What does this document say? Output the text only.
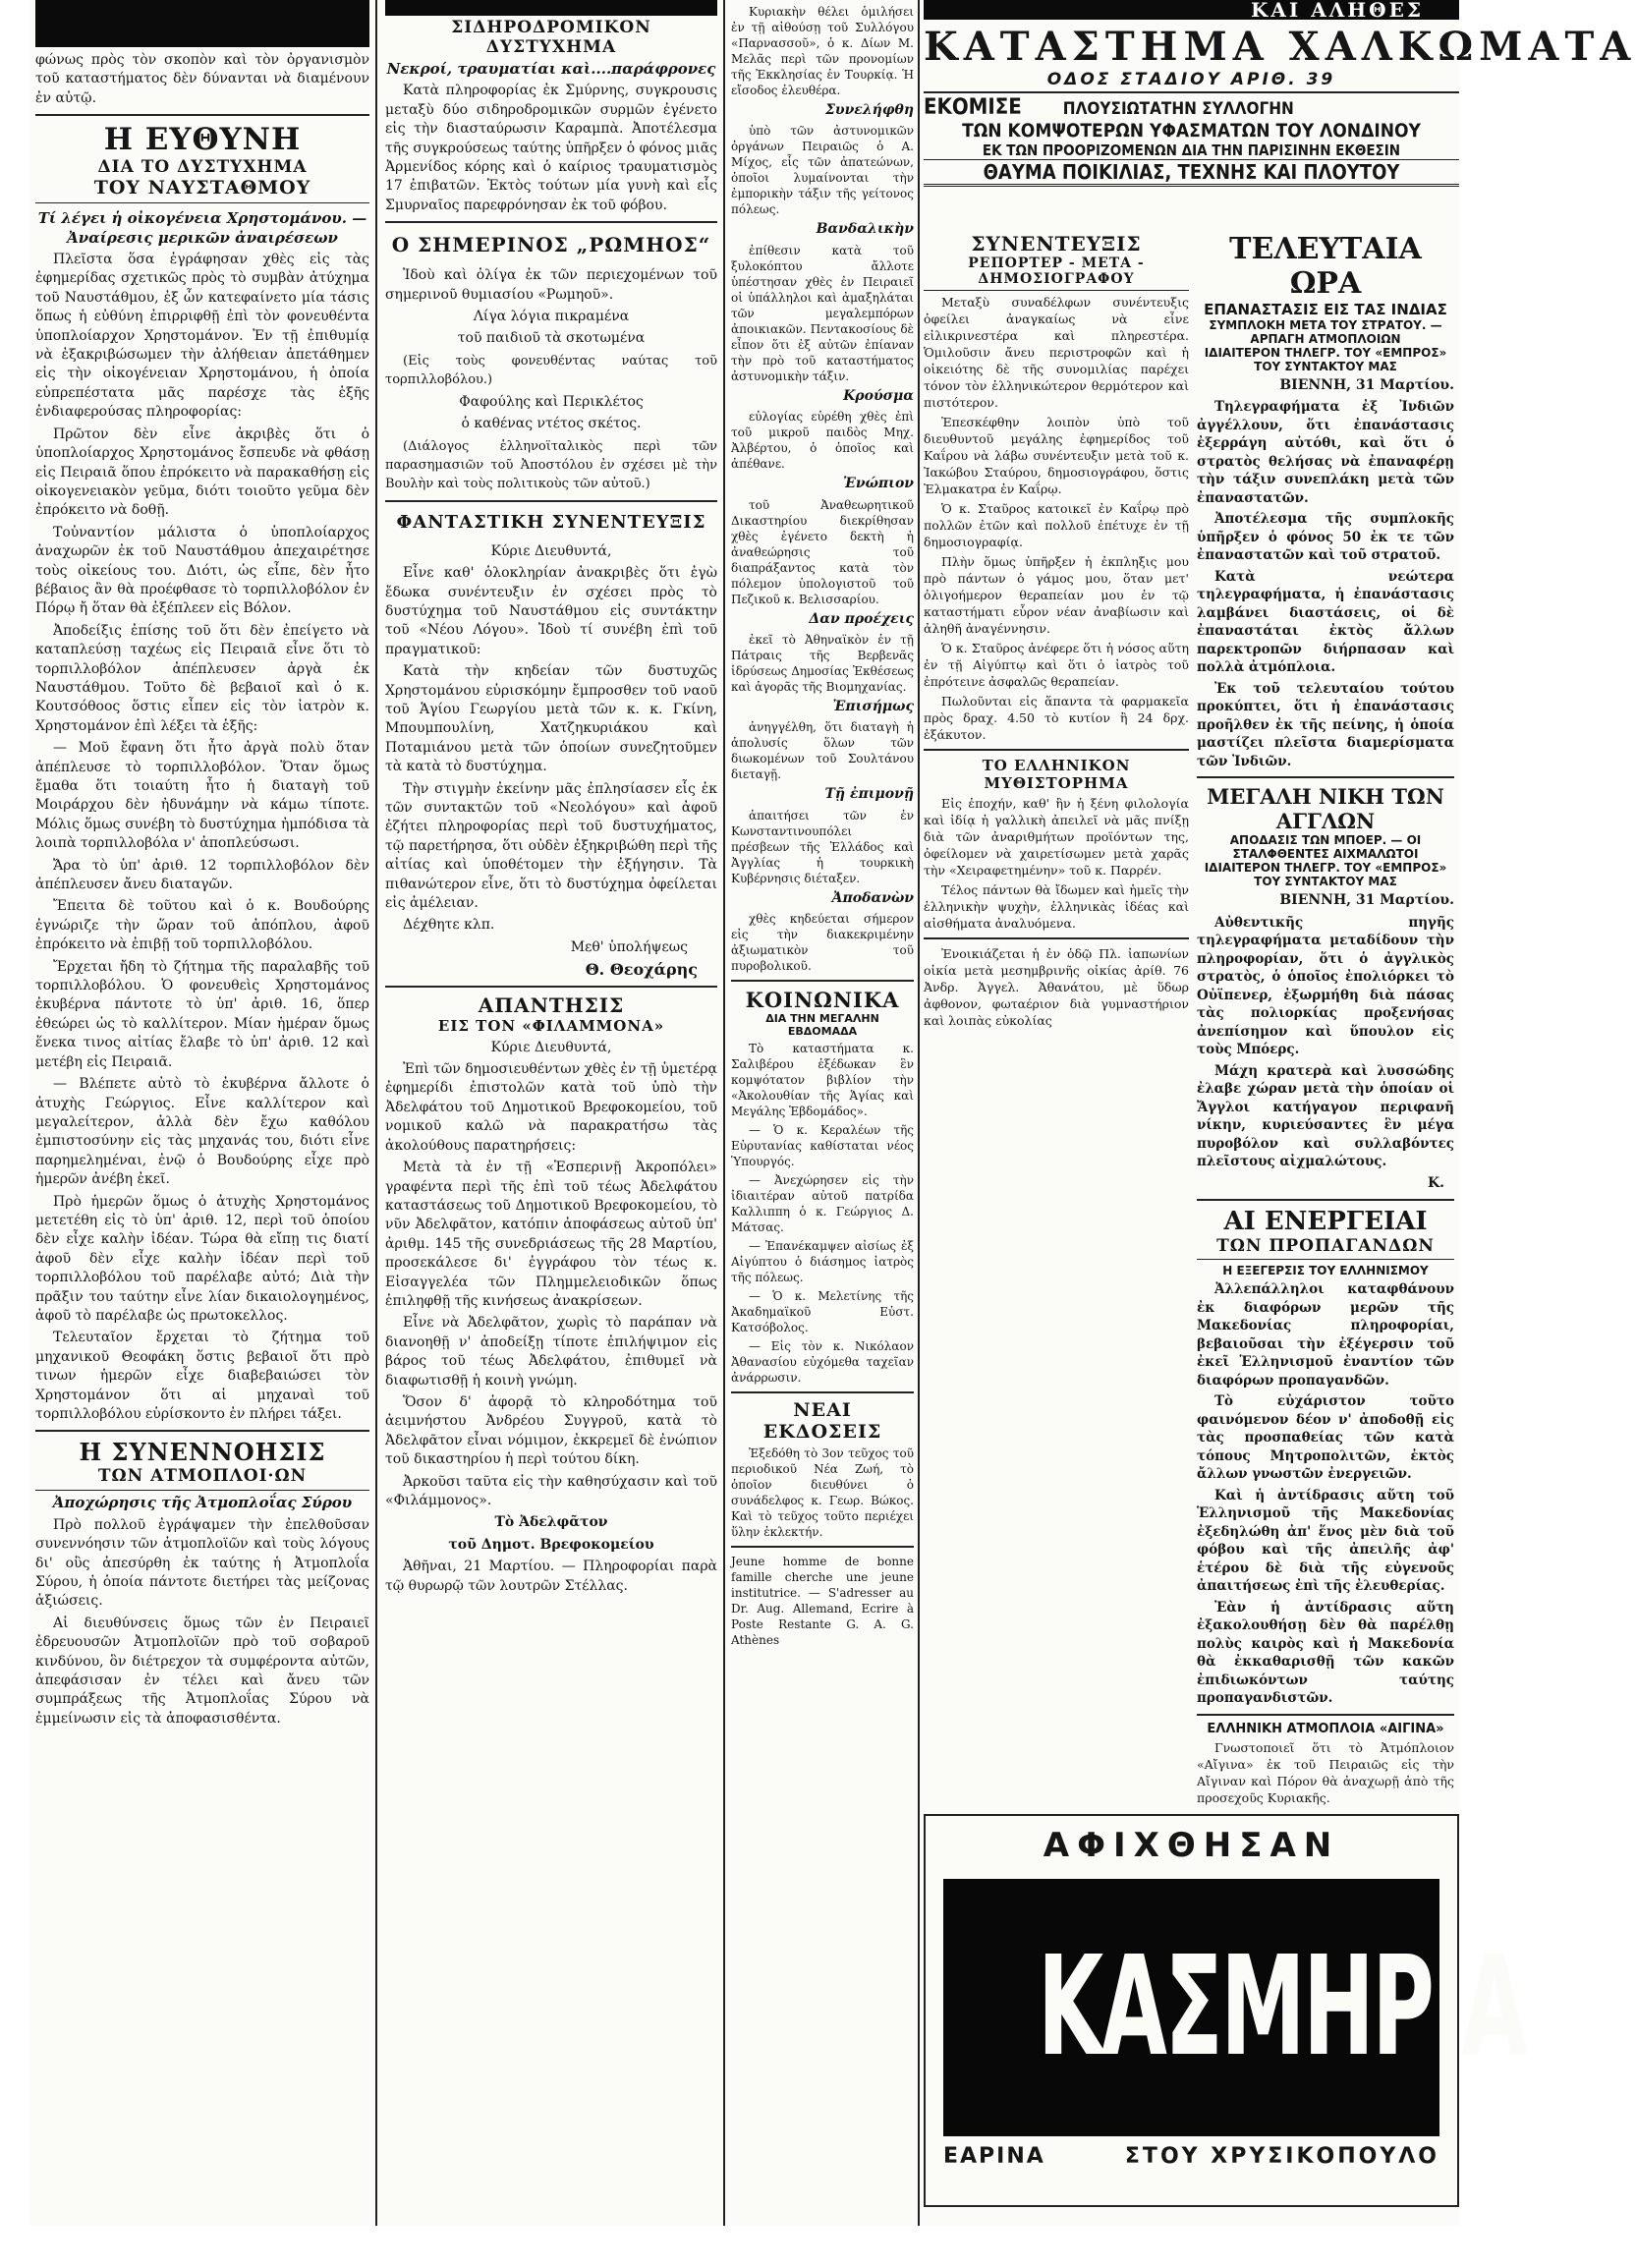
φώνως πρὸς τὸν σκοπὸν καὶ τὸν ὀργανισμὸν τοῦ καταστήματος δὲν δύνανται νὰ διαμένουν ἐν αὐτῷ.
Η ΕΥΘΥΝΗ
ΔΙΑ ΤΟ ΔΥΣΤΥΧΗΜΑ
ΤΟΥ ΝΑΥΣΤΑΘΜΟΥ
Τί λέγει ἡ οἰκογένεια Χρηστομάνου. — Ἀναίρεσις μερικῶν ἀναιρέσεων
Πλεῖστα ὅσα ἐγράφησαν χθὲς εἰς τὰς ἐφημερίδας σχετικῶς πρὸς τὸ συμβὰν ἀτύχημα τοῦ Ναυστάθμου, ἐξ ὧν κατεφαίνετο μία τάσις ὅπως ἡ εὐθύνη ἐπιρριφθῇ ἐπὶ τὸν φονευθέντα ὑποπλοίαρχον Χρηστομάνον. Ἐν τῇ ἐπιθυμίᾳ νὰ ἐξακριβώσωμεν τὴν ἀλήθειαν ἀπετάθημεν εἰς τὴν οἰκογένειαν Χρηστομάνου, ἡ ὁποία εὐπρεπέστατα μᾶς παρέσχε τὰς ἑξῆς ἐνδιαφερούσας πληροφορίας:
Πρῶτον δὲν εἶνε ἀκριβὲς ὅτι ὁ ὑποπλοίαρχος Χρηστομάνος ἔσπευδε νὰ φθάσῃ εἰς Πειραιᾶ ὅπου ἐπρόκειτο νὰ παρακαθήσῃ εἰς οἰκογενειακὸν γεῦμα, διότι τοιοῦτο γεῦμα δὲν ἐπρόκειτο νὰ δοθῇ.
Τοὐναντίον μάλιστα ὁ ὑποπλοίαρχος ἀναχωρῶν ἐκ τοῦ Ναυστάθμου ἀπεχαιρέτησε τοὺς οἰκείους του. Διότι, ὡς εἶπε, δὲν ἦτο βέβαιος ἂν θὰ προέφθασε τὸ τορπιλλοβόλον ἐν Πόρῳ ἤ ὅταν θὰ ἐξέπλεεν εἰς Βόλον.
Ἀποδείξις ἐπίσης τοῦ ὅτι δὲν ἐπείγετο νὰ καταπλεύσῃ ταχέως εἰς Πειραιᾶ εἶνε ὅτι τὸ τορπιλλοβόλον ἀπέπλευσεν ἀργὰ ἐκ Ναυστάθμου. Τοῦτο δὲ βεβαιοῖ καὶ ὁ κ. Κουτσόθοος ὅστις εἶπεν εἰς τὸν ἰατρὸν κ. Χρηστομάνον ἐπὶ λέξει τὰ ἑξῆς:
— Μοῦ ἔφανη ὅτι ἦτο ἀργὰ πολὺ ὅταν ἀπέπλευσε τὸ τορπιλλοβόλον. Ὅταν ὅμως ἔμαθα ὅτι τοιαύτη ἦτο ἡ διαταγὴ τοῦ Μοιράρχου δὲν ἠδυνάμην νὰ κάμω τίποτε. Μόλις ὅμως συνέβη τὸ δυστύχημα ἠμπόδισα τὰ λοιπὰ τορπιλλοβόλα ν' ἀποπλεύσωσι.
Ἄρα τὸ ὑπ' ἀριθ. 12 τορπιλλοβόλον δὲν ἀπέπλευσεν ἄνευ διαταγῶν.
Ἔπειτα δὲ τοῦτου καὶ ὁ κ. Βουδούρης ἐγνώριζε τὴν ὥραν τοῦ ἀπόπλου, ἀφοῦ ἐπρόκειτο νὰ ἐπιβῇ τοῦ τορπιλλοβόλου.
Ἔρχεται ἤδη τὸ ζήτημα τῆς παραλαβῆς τοῦ τορπιλλοβόλου. Ὁ φονευθεὶς Χρηστομάνος ἐκυβέρνα πάντοτε τὸ ὑπ' ἀριθ. 16, ὅπερ ἐθεώρει ὡς τὸ καλλίτερον. Μίαν ἡμέραν ὅμως ἕνεκα τινος αἰτίας ἔλαβε τὸ ὑπ' ἀριθ. 12 καὶ μετέβη εἰς Πειραιᾶ.
— Βλέπετε αὐτὸ τὸ ἐκυβέρνα ἄλλοτε ὁ ἀτυχὴς Γεώργιος. Εἶνε καλλίτερον καὶ μεγαλείτερον, ἀλλὰ δὲν ἔχω καθόλου ἐμπιστοσύνην εἰς τὰς μηχανάς του, διότι εἶνε παρημελημέναι, ἐνῷ ὁ Βουδούρης εἶχε πρὸ ἡμερῶν ἀνέβη ἐκεῖ.
Πρὸ ἡμερῶν ὅμως ὁ ἀτυχὴς Χρηστομάνος μετετέθη εἰς τὸ ὑπ' ἀριθ. 12, περὶ τοῦ ὁποίου δὲν εἶχε καλὴν ἰδέαν. Τώρα θὰ εἴπῃ τις διατί ἀφοῦ δὲν εἶχε καλὴν ἰδέαν περὶ τοῦ τορπιλλοβόλου τοῦ παρέλαβε αὐτό; Διὰ τὴν πρᾶξιν του ταύτην εἶνε λίαν δικαιολογημένος, ἀφοῦ τὸ παρέλαβε ὡς πρωτοκελλος.
Τελευταῖον ἔρχεται τὸ ζήτημα τοῦ μηχανικοῦ Θεοφάκη ὅστις βεβαιοῖ ὅτι πρὸ τινων ἡμερῶν εἶχε διαβεβαιώσει τὸν Χρηστομάνον ὅτι αἱ μηχαναὶ τοῦ τορπιλλοβόλου εὑρίσκοντο ἐν πλήρει τάξει.
Η ΣΥΝΕΝΝΟΗΣΙΣ
ΤΩΝ ΑΤΜΟΠΛΟΙ·ΩΝ
Ἀποχώρησις τῆς Ἀτμοπλοΐας Σύρου
Πρὸ πολλοῦ ἐγράψαμεν τὴν ἐπελθοῦσαν συνεννόησιν τῶν ἀτμοπλοϊῶν καὶ τοὺς λόγους δι' οὓς ἀπεσύρθη ἐκ ταύτης ἡ Ἀτμοπλοΐα Σύρου, ἡ ὁποία πάντοτε διετήρει τὰς μείζονας ἀξιώσεις.
Αἱ διευθύνσεις ὅμως τῶν ἐν Πειραιεῖ ἐδρευουσῶν Ἀτμοπλοϊῶν πρὸ τοῦ σοβαροῦ κινδύνου, ὃν διέτρεχον τὰ συμφέροντα αὐτῶν, ἀπεφάσισαν ἐν τέλει καὶ ἄνευ τῶν συμπράξεως τῆς Ἀτμοπλοΐας Σύρου νὰ ἐμμείνωσιν εἰς τὰ ἀποφασισθέντα.
ΣΙΔΗΡΟΔΡΟΜΙΚΟΝ ΔΥΣΤΥΧΗΜΑ
Νεκροί, τραυματίαι καὶ....παράφρονες
Κατὰ πληροφορίας ἐκ Σμύρνης, συγκρουσις μεταξὺ δύο σιδηροδρομικῶν συρμῶν ἐγένετο εἰς τὴν διασταύρωσιν Καραμπὰ. Ἀποτέλεσμα τῆς συγκρούσεως ταύτης ὑπῆρξεν ὁ φόνος μιᾶς Ἀρμενίδος κόρης καὶ ὁ καίριος τραυματισμὸς 17 ἐπιβατῶν. Ἐκτὸς τούτων μία γυνὴ καὶ εἷς Σμυρναῖος παρεφρόνησαν ἐκ τοῦ φόβου.
Ο ΣΗΜΕΡΙΝΟΣ „ΡΩΜΗΟΣ“
Ἰδοὺ καὶ ὀλίγα ἐκ τῶν περιεχομένων τοῦ σημερινοῦ θυμιασίου «Ρωμηοῦ».
Λίγα λόγια πικραμένα
τοῦ παιδιοῦ τὰ σκοτωμένα
(Εἰς τοὺς φονευθέντας ναύτας τοῦ τορπιλλοβόλου.)
Φαφούλης καὶ Περικλέτος
ὁ καθένας ντέτος σκέτος.
(Διάλογος ἑλληνοϊταλικὸς περὶ τῶν παρασημασιῶν τοῦ Ἀποστόλου ἐν σχέσει μὲ τὴν Βουλὴν καὶ τοὺς πολιτικοὺς τῶν αὐτοῦ.)
ΦΑΝΤΑΣΤΙΚΗ ΣΥΝΕΝΤΕΥΞΙΣ
Κύριε Διευθυντά,
Εἶνε καθ' ὁλοκληρίαν ἀνακριβὲς ὅτι ἐγὼ ἔδωκα συνέντευξιν ἐν σχέσει πρὸς τὸ δυστύχημα τοῦ Ναυστάθμου εἰς συντάκτην τοῦ «Νέου Λόγου». Ἰδοὺ τί συνέβη ἐπὶ τοῦ πραγματικοῦ:
Κατὰ τὴν κηδείαν τῶν δυστυχῶς Χρηστομάνου εὑρισκόμην ἔμπροσθεν τοῦ ναοῦ τοῦ Ἁγίου Γεωργίου μετὰ τῶν κ. κ. Γκίνη, Μπουμπουλίνη, Χατζηκυριάκου καὶ Ποταμιάνου μετὰ τῶν ὁποίων συνεζητοῦμεν τὰ κατὰ τὸ δυστύχημα.
Τὴν στιγμὴν ἐκείνην μᾶς ἐπλησίασεν εἷς ἐκ τῶν συντακτῶν τοῦ «Νεολόγου» καὶ ἀφοῦ ἐζήτει πληροφορίας περὶ τοῦ δυστυχήματος, τῷ παρετήρησα, ὅτι οὐδὲν ἐξηκριβώθη περὶ τῆς αἰτίας καὶ ὑποθέτομεν τὴν ἐξήγησιν. Τὰ πιθανώτερον εἶνε, ὅτι τὸ δυστύχημα ὀφείλεται εἰς ἀμέλειαν.
Δέχθητε κλπ.
Μεθ' ὑπολήψεως
Θ. Θεοχάρης
ΑΠΑΝΤΗΣΙΣ
ΕΙΣ ΤΟΝ «ΦΙΛΑΜΜΟΝΑ»
Κύριε Διευθυντά,
Ἐπὶ τῶν δημοσιευθέντων χθὲς ἐν τῇ ὑμετέρᾳ ἐφημερίδι ἐπιστολῶν κατὰ τοῦ ὑπὸ τὴν Ἀδελφάτου τοῦ Δημοτικοῦ Βρεφοκομείου, τοῦ νομικοῦ καλῶ νὰ παρακρατήσω τὰς ἀκολούθους παρατηρήσεις:
Μετὰ τὰ ἐν τῇ «Ἑσπερινῇ Ἀκροπόλει» γραφέντα περὶ τῆς ἐπὶ τοῦ τέως Ἀδελφάτου καταστάσεως τοῦ Δημοτικοῦ Βρεφοκομείου, τὸ νῦν Ἀδελφᾶτον, κατόπιν ἀποφάσεως αὐτοῦ ὑπ' ἀριθμ. 145 τῆς συνεδριάσεως τῆς 28 Μαρτίου, προσεκάλεσε δι' ἐγγράφου τὸν τέως κ. Εἰσαγγελέα τῶν Πλημμελειοδικῶν ὅπως ἐπιληφθῇ τῆς κινήσεως ἀνακρίσεων.
Εἶνε νὰ Ἀδελφᾶτον, χωρὶς τὸ παράπαν νὰ διανοηθῇ ν' ἀποδείξῃ τίποτε ἐπιλήψιμον εἰς βάρος τοῦ τέως Ἀδελφάτου, ἐπιθυμεῖ νὰ διαφωτισθῇ ἡ κοινὴ γνώμη.
Ὅσον δ' ἀφορᾷ τὸ κληροδότημα τοῦ ἀειμνήστου Ἀνδρέου Συγγροῦ, κατὰ τὸ Ἀδελφᾶτον εἶναι νόμιμον, ἐκκρεμεῖ δὲ ἐνώπιον τοῦ δικαστηρίου ἡ περὶ τούτου δίκη.
Ἀρκοῦσι ταῦτα εἰς τὴν καθησύχασιν καὶ τοῦ «Φιλάμμονος».
Τὸ Ἀδελφᾶτον
τοῦ Δημοτ. Βρεφοκομείου
Ἀθῆναι, 21 Μαρτίου. — Πληροφορίαι παρὰ τῷ θυρωρῷ τῶν λουτρῶν Στέλλας.
Κυριακὴν θέλει ὁμιλήσει ἐν τῇ αἰθούσῃ τοῦ Συλλόγου «Παρνασσοῦ», ὁ κ. Δίων Μ. Μελᾶς περὶ τῶν προνομίων τῆς Ἐκκλησίας ἐν Τουρκίᾳ. Ἡ εἴσοδος ἐλευθέρα.
Συνελήφθη
ὑπὸ τῶν ἀστυνομικῶν ὀργάνων Πειραιῶς ὁ Α. Μίχος, εἷς τῶν ἀπατεώνων, ὁποῖοι λυμαίνονται τὴν ἐμπορικὴν τάξιν τῆς γείτονος πόλεως.
Βανδαλικὴν
ἐπίθεσιν κατὰ τοῦ ξυλοκόπτου ἄλλοτε ὑπέστησαν χθὲς ἐν Πειραιεῖ οἱ ὑπάλληλοι καὶ ἀμαξηλάται τῶν μεγαλεμπόρων ἀποικιακῶν. Πεντακοσίους δὲ εἶπον ὅτι ἐξ αὐτῶν ἐπίαναν τὴν πρὸ τοῦ καταστήματος ἀστυνομικὴν τάξιν.
Κρούσμα
εὐλογίας εὑρέθη χθὲς ἐπὶ τοῦ μικροῦ παιδὸς Μηχ. Ἀλβέρτου, ὁ ὁποῖος καὶ ἀπέθανε.
Ἐνώπιον
τοῦ Ἀναθεωρητικοῦ Δικαστηρίου διεκρίθησαν χθὲς ἐγένετο δεκτὴ ἡ ἀναθεώρησις τοῦ διαπράξαντος κατὰ τὸν πόλεμον ὑπολογιστοῦ τοῦ Πεζικοῦ κ. Βελισσαρίου.
Δαν προέχεις
ἐκεῖ τὸ Ἀθηναϊκὸν ἐν τῇ Πάτραις τῆς Βερβενᾶς ἱδρύσεως Δημοσίας Ἐκθέσεως καὶ ἀγορᾶς τῆς Βιομηχανίας.
Ἐπισήμως
ἀνηγγέλθη, ὅτι διαταγὴ ἡ ἀπολυσίς ὅλων τῶν διωκομένων τοῦ Σουλτάνου διεταγῇ.
Τῇ ἐπιμονῇ
ἀπαιτήσει τῶν ἐν Κωνσταντινουπόλει πρέσβεων τῆς Ἑλλάδος καὶ Ἀγγλίας ἡ τουρκικὴ Κυβέρνησις διέταξεν.
Ἀποδανὼν
χθὲς κηδεύεται σήμερον εἰς τὴν διακεκριμένην ἀξιωματικὸν τοῦ πυροβολικοῦ.
ΚΟΙΝΩΝΙΚΑ
ΔΙΑ ΤΗΝ ΜΕΓΑΛΗΝ ΕΒΔΟΜΑΔΑ
Τὸ καταστήματα κ. Σαλιβέρου ἐξέδωκαν ἓν κομψότατον βιβλίον τὴν «Ἀκολουθίαν τῆς Ἁγίας καὶ Μεγάλης Ἑβδομάδος».
— Ὁ κ. Κεραλέων τῆς Εὐρυτανίας καθίσταται νέος Ὑπουργός.
— Ἀνεχώρησεν εἰς τὴν ἰδιαιτέραν αὐτοῦ πατρίδα Καλλιππη ὁ κ. Γεώργιος Δ. Μάτσας.
— Ἐπανέκαμψεν αἰσίως ἐξ Αἰγύπτου ὁ διάσημος ἰατρὸς τῆς πόλεως.
— Ὁ κ. Μελετίνης τῆς Ἀκαδημαϊκοῦ Εὐστ. Κατσόβολος.
— Εἰς τὸν κ. Νικόλαον Ἀθανασίου εὐχόμεθα ταχεῖαν ἀνάρρωσιν.
ΝΕΑΙ ΕΚΔΟΣΕΙΣ
Ἐξεδόθη τὸ 3ον τεῦχος τοῦ περιοδικοῦ Νέα Ζωή, τὸ ὁποῖον διευθύνει ὁ συνάδελφος κ. Γεωρ. Βώκος. Καὶ τὸ τεῦχος τοῦτο περιέχει ὕλην ἐκλεκτήν.
Jeune homme de bonne famille cherche une jeune institutrice. — S'adresser au Dr. Aug. Allemand, Ecrire à Poste Restante G. A. G. Athènes
ΚΑΙ ΑΛΗΘΕΣ
ΚΑΤΑΣΤΗΜΑ ΧΑΛΚΩΜΑΤΑ
ΟΔΟΣ ΣΤΑΔΙΟΥ ΑΡΙΘ. 39
ΕΚΟΜΙΣΕ ΠΛΟΥΣΙΩΤΑΤΗΝ ΣΥΛΛΟΓΗΝ
ΤΩΝ ΚΟΜΨΟΤΕΡΩΝ ΥΦΑΣΜΑΤΩΝ ΤΟΥ ΛΟΝΔΙΝΟΥ
ΕΚ ΤΩΝ ΠΡΟΟΡΙΖΟΜΕΝΩΝ ΔΙΑ ΤΗΝ ΠΑΡΙΣΙΝΗΝ ΕΚΘΕΣΙΝ
ΘΑΥΜΑ ΠΟΙΚΙΛΙΑΣ, ΤΕΧΝΗΣ ΚΑΙ ΠΛΟΥΤΟΥ
ΣΥΝΕΝΤΕΥΞΙΣ
ΡΕΠΟΡΤΕΡ - ΜΕΤΑ - ΔΗΜΟΣΙΟΓΡΑΦΟΥ
Μεταξὺ συναδέλφων συνέντευξις ὀφείλει ἀναγκαίως νὰ εἶνε εἰλικρινεστέρα καὶ πληρεστέρα. Ὁμιλοῦσιν ἄνευ περιστροφῶν καὶ ἡ οἰκειότης δὲ τῆς συνομιλίας παρέχει τόνον τὸν ἑλληνικώτερον θερμότερον καὶ πιστότερον.
Ἐπεσκέφθην λοιπὸν ὑπὸ τοῦ διευθυντοῦ μεγάλης ἐφημερίδος τοῦ Καΐρου νὰ λάβω συνέντευξιν μετὰ τοῦ κ. Ἰακώβου Σταύρου, δημοσιογράφου, ὅστις Ἐλμακατρα ἐν Καΐρῳ.
Ὁ κ. Σταῦρος κατοικεῖ ἐν Καΐρῳ πρὸ πολλῶν ἐτῶν καὶ πολλοῦ ἐπέτυχε ἐν τῇ δημοσιογραφίᾳ.
Πλὴν ὅμως ὑπῆρξεν ἡ ἐκπληξις μου πρὸ πάντων ὁ γάμος μου, ὅταν μετ' ὀλιγοήμερον θεραπείαν μου ἐν τῷ καταστήματι εὗρον νέαν ἀναβίωσιν καὶ ἀληθῆ ἀναγέννησιν.
Ὁ κ. Σταῦρος ἀνέφερε ὅτι ἡ νόσος αὕτη ἐν τῇ Αἰγύπτῳ καὶ ὅτι ὁ ἰατρὸς τοῦ ἐπρότεινε ἀσφαλῶς θεραπείαν.
Πωλοῦνται εἰς ἅπαντα τὰ φαρμακεῖα πρὸς δραχ. 4.50 τὸ κυτίον ἢ 24 δρχ. ἑξάκυτον.
ΤΟ ΕΛΛΗΝΙΚΟΝ ΜΥΘΙΣΤΟΡΗΜΑ
Εἰς ἐποχήν, καθ' ἣν ἡ ξένη φιλολογία καὶ ἰδίᾳ ἡ γαλλικὴ ἀπειλεῖ νὰ μᾶς πνίξῃ διὰ τῶν ἀναριθμήτων προϊόντων της, ὀφείλομεν νὰ χαιρετίσωμεν μετὰ χαρᾶς τὴν «Χειραφετημένην» τοῦ κ. Παρρέν.
Τέλος πάντων θὰ ἴδωμεν καὶ ἡμεῖς τὴν ἑλληνικὴν ψυχὴν, ἑλληνικὰς ἰδέας καὶ αἰσθήματα ἀναλυόμενα.
Ἐνοικιάζεται ἡ ἐν ὁδῷ Πλ. ἰαπωνίων οἰκία μετὰ μεσημβρινῆς οἰκίας ἀρίθ. 76 Ἀνδρ. Ἀγγελ. Ἀθανάτου, μὲ ὕδωρ ἀφθονον, φωταέριον διὰ γυμναστήριον καὶ λοιπὰς εὐκολίας
ΤΕΛΕΥΤΑΙΑ ΩΡΑ
ΕΠΑΝΑΣΤΑΣΙΣ ΕΙΣ ΤΑΣ ΙΝΔΙΑΣ
ΣΥΜΠΛΟΚΗ ΜΕΤΑ ΤΟΥ ΣΤΡΑΤΟΥ. — ΑΡΠΑΓΗ ΑΤΜΟΠΛΟΙΩΝ
ΙΔΙΑΙΤΕΡΟΝ ΤΗΛΕΓΡ. ΤΟΥ «ΕΜΠΡΟΣ» ΤΟΥ ΣΥΝΤΑΚΤΟΥ ΜΑΣ
ΒΙΕΝΝΗ, 31 Μαρτίου.
Τηλεγραφήματα ἐξ Ἰνδιῶν ἀγγέλλουν, ὅτι ἐπανάστασις ἐξερράγη αὐτόθι, καὶ ὅτι ὁ στρατὸς θελήσας νὰ ἐπαναφέρῃ τὴν τάξιν συνεπλάκη μετὰ τῶν ἐπαναστατῶν.
Ἀποτέλεσμα τῆς συμπλοκῆς ὑπῆρξεν ὁ φόνος 50 ἐκ τε τῶν ἐπαναστατῶν καὶ τοῦ στρατοῦ.
Κατὰ νεώτερα τηλεγραφήματα, ἡ ἐπανάστασις λαμβάνει διαστάσεις, οἱ δὲ ἐπαναστάται ἐκτὸς ἄλλων παρεκτροπῶν διήρπασαν καὶ πολλὰ ἀτμόπλοια.
Ἐκ τοῦ τελευταίου τούτου προκύπτει, ὅτι ἡ ἐπανάστασις προῆλθεν ἐκ τῆς πείνης, ἡ ὁποία μαστίζει πλεῖστα διαμερίσματα τῶν Ἰνδιῶν.
ΜΕΓΑΛΗ ΝΙΚΗ ΤΩΝ ΑΓΓΛΩΝ
ΑΠΟΔΑΣΙΣ ΤΩΝ ΜΠΟΕΡ. — ΟΙ ΣΤΑΛΦΘΕΝΤΕΣ ΑΙΧΜΑΛΩΤΟΙ
ΙΔΙΑΙΤΕΡΟΝ ΤΗΛΕΓΡ. ΤΟΥ «ΕΜΠΡΟΣ» ΤΟΥ ΣΥΝΤΑΚΤΟΥ ΜΑΣ
ΒΙΕΝΝΗ, 31 Μαρτίου.
Αὐθεντικῆς πηγῆς τηλεγραφήματα μεταδίδουν τὴν πληροφορίαν, ὅτι ὁ ἀγγλικὸς στρατὸς, ὁ ὁποῖος ἐπολιόρκει τὸ Οὐϊπενερ, ἐξωρμήθη διὰ πάσας τὰς πολιορκίας προξενήσας ἀνεπίσημον καὶ ὕπουλον εἰς τοὺς Μπόερς.
Μάχη κρατερὰ καὶ λυσσώδης ἐλαβε χώραν μετὰ τὴν ὁποίαν οἱ Ἄγγλοι κατήγαγον περιφανῆ νίκην, κυριεύσαντες ἓν μέγα πυροβόλον καὶ συλλαβόντες πλεῖστους αἰχμαλώτους.
Κ.
ΑΙ ΕΝΕΡΓΕΙΑΙ
ΤΩΝ ΠΡΟΠΑΓΑΝΔΩΝ
Η ΕΞΕΓΕΡΣΙΣ ΤΟΥ ΕΛΛΗΝΙΣΜΟΥ
Ἀλλεπάλληλοι καταφθάνουν ἐκ διαφόρων μερῶν τῆς Μακεδονίας πληροφορίαι, βεβαιοῦσαι τὴν ἐξέγερσιν τοῦ ἐκεῖ Ἑλληνισμοῦ ἐναντίον τῶν διαφόρων προπαγανδῶν.
Τὸ εὐχάριστον τοῦτο φαινόμενον δέον ν' ἀποδοθῇ εἰς τὰς προσπαθείας τῶν κατὰ τόπους Μητροπολιτῶν, ἐκτὸς ἄλλων γνωστῶν ἐνεργειῶν.
Καὶ ἡ ἀντίδρασις αὕτη τοῦ Ἑλληνισμοῦ τῆς Μακεδονίας ἐξεδηλώθη ἀπ' ἕνος μὲν διὰ τοῦ φόβου καὶ τῆς ἀπειλῆς ἀφ' ἑτέρου δὲ διὰ τῆς εὐγενοῦς ἀπαιτήσεως ἐπὶ τῆς ἐλευθερίας.
Ἐὰν ἡ ἀντίδρασις αὕτη ἐξακολουθήσῃ δὲν θὰ παρέλθῃ πολὺς καιρὸς καὶ ἡ Μακεδονία θὰ ἐκκαθαρισθῇ τῶν κακῶν ἐπιδιωκόντων ταύτης προπαγανδιστῶν.
ΕΛΛΗΝΙΚΗ ΑΤΜΟΠΛΟΙΑ «ΑΙΓΙΝΑ»
Γνωστοποιεῖ ὅτι τὸ Ἀτμόπλοιον «Αἴγινα» ἐκ τοῦ Πειραιῶς εἰς τὴν Αἴγιναν καὶ Πόρον θὰ ἀναχωρῇ ἀπὸ τῆς προσεχοῦς Κυριακῆς.
ΑΦΙΧΘΗΣΑΝ
ΚΑΣΜΗΡΙΑ
ΕΑΡΙΝΑ	ΣΤΟΥ ΧΡΥΣΙΚΟΠΟΥΛΟ
